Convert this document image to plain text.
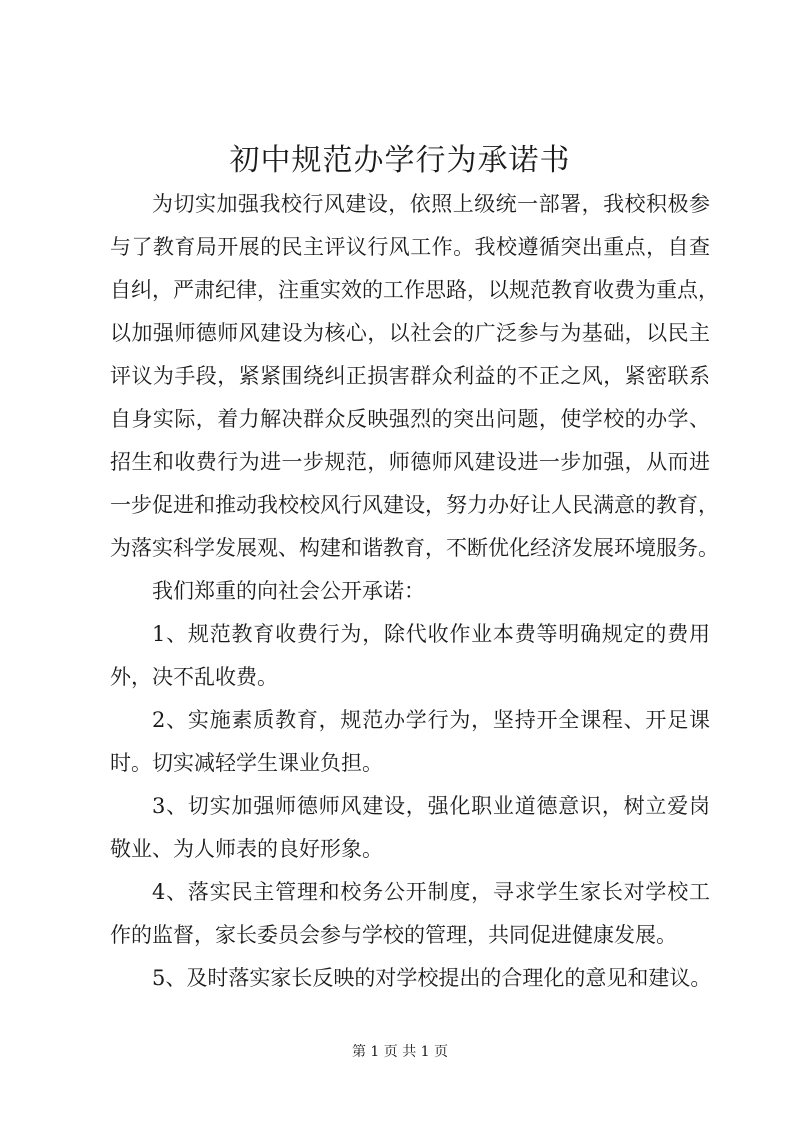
初中规范办学行为承诺书
为切实加强我校行风建设，依照上级统一部署，我校积极参
与了教育局开展的民主评议行风工作。我校遵循突出重点，自查
自纠，严肃纪律，注重实效的工作思路，以规范教育收费为重点，
以加强师德师风建设为核心，以社会的广泛参与为基础，以民主
评议为手段，紧紧围绕纠正损害群众利益的不正之风，紧密联系
自身实际，着力解决群众反映强烈的突出问题，使学校的办学、
招生和收费行为进一步规范，师德师风建设进一步加强，从而进
一步促进和推动我校校风行风建设，努力办好让人民满意的教育，
为落实科学发展观、构建和谐教育，不断优化经济发展环境服务。
我们郑重的向社会公开承诺：
1、规范教育收费行为，除代收作业本费等明确规定的费用
外，决不乱收费。
2、实施素质教育，规范办学行为，坚持开全课程、开足课
时。切实减轻学生课业负担。
3、切实加强师德师风建设，强化职业道德意识，树立爱岗
敬业、为人师表的良好形象。
4、落实民主管理和校务公开制度，寻求学生家长对学校工
作的监督，家长委员会参与学校的管理，共同促进健康发展。
5、及时落实家长反映的对学校提出的合理化的意见和建议。
第 1 页 共 1 页
